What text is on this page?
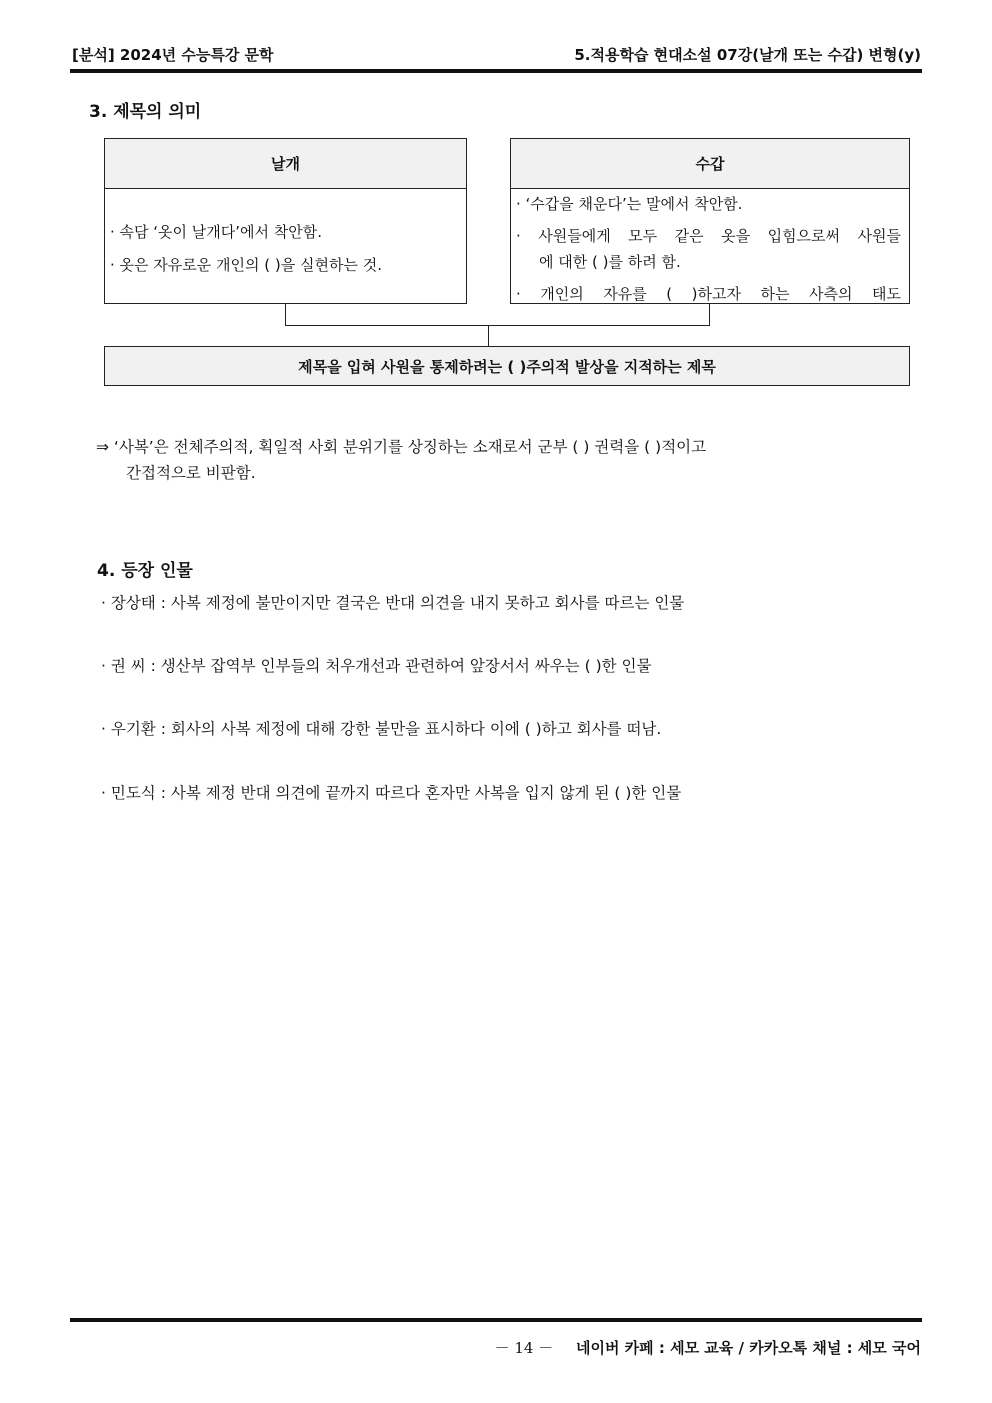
[분석] 2024년 수능특강 문학	5.적용학습 현대소설 07강(날개 또는 수갑) 변형(y)
3. 제목의 의미
날개
· 속담 ‘옷이 날개다’에서 착안함.
· 옷은 자유로운 개인의 ( )을 실현하는 것.
수갑
· ‘수갑을 채운다’는 말에서 착안함.
· 사원들에게 모두 같은 옷을 입힘으로써 사원들
에 대한 ( )를 하려 함.
· 개인의 자유를 ( )하고자 하는 사측의 태도
제목을 입혀 사원을 통제하려는 ( )주의적 발상을 지적하는 제목
⇒ ‘사복’은 전체주의적, 획일적 사회 분위기를 상징하는 소재로서 군부 ( ) 권력을 ( )적이고
간접적으로 비판함.
4. 등장 인물
· 장상태 : 사복 제정에 불만이지만 결국은 반대 의견을 내지 못하고 회사를 따르는 인물
· 권 씨 : 생산부 잡역부 인부들의 처우개선과 관련하여 앞장서서 싸우는 ( )한 인물
· 우기환 : 회사의 사복 제정에 대해 강한 불만을 표시하다 이에 ( )하고 회사를 떠남.
· 민도식 : 사복 제정 반대 의견에 끝까지 따르다 혼자만 사복을 입지 않게 된 ( )한 인물
－ 14 － 네이버 카페 : 세모 교육 / 카카오톡 채널 : 세모 국어
